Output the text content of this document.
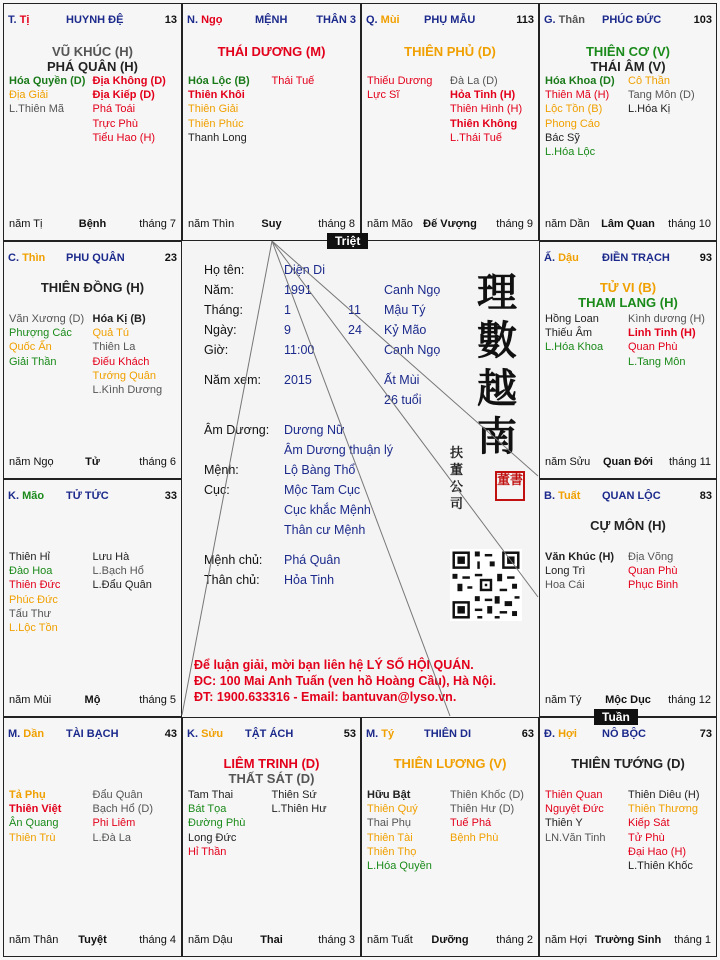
T. Tị	HUYNH ĐỆ	13
VŨ KHÚC (H)
PHÁ QUÂN (H)
Hóa Quyền (D)
Địa Giải
L.Thiên Mã
Địa Không (D)
Địa Kiếp (D)
Phá Toái
Trực Phù
Tiểu Hao (H)
năm Tị	Bệnh	tháng 7
N. Ngọ	MỆNH	THÂN 3
THÁI DƯƠNG (M)
Hóa Lộc (B)
Thiên Khôi
Thiên Giải
Thiên Phúc
Thanh Long
Thái Tuế
năm Thìn	Suy	tháng 8
Q. Mùi PHỤ MẪU	113
THIÊN PHỦ (D)
Thiếu Dương
Lực Sĩ
Đà La (D)
Hỏa Tinh (H)
Thiên Hình (H)
Thiên Không
L.Thái Tuế
năm Mão Đế Vượng	tháng 9
G. Thân PHÚC ĐỨC	103
THIÊN CƠ (V)
THÁI ÂM (V)
Hóa Khoa (D)
Thiên Mã (H)
Lộc Tồn (B)
Phong Cáo
Bác Sỹ
L.Hóa Lộc
Cô Thần
Tang Môn (D)
L.Hóa Kị
năm Dần	Lâm Quan	tháng 10
C. Thìn PHU QUÂN	23
THIÊN ĐỒNG (H)
Văn Xương (D)
Phượng Các
Quốc Ấn
Giải Thần
Hóa Kị (B)
Quả Tú
Thiên La
Điếu Khách
Tướng Quân
L.Kình Dương
năm Ngọ	Tử	tháng 6
Ấ. Dậu ĐIỀN TRẠCH	93
TỬ VI (B)
THAM LANG (H)
Hồng Loan
Thiếu Âm
L.Hóa Khoa
Kình dương (H)
Linh Tinh (H)
Quan Phù
L.Tang Môn
năm Sửu	Quan Đới	tháng 11
K. Mão TỬ TỨC	33
Thiên Hỉ
Đào Hoa
Thiên Đức
Phúc Đức
Tấu Thư
L.Lộc Tồn
Lưu Hà
L.Bạch Hổ
L.Đẩu Quân
năm Mùi	Mộ	tháng 5
B. Tuất QUAN LỘC	83
CỰ MÔN (H)
Văn Khúc (H)
Long Trì
Hoa Cái
Địa Võng
Quan Phù
Phục Binh
năm Tý	Mộc Dục	tháng 12
M. Dần TÀI BẠCH	43
Tả Phụ
Thiên Việt
Ân Quang
Thiên Trù
Đẩu Quân
Bạch Hổ (D)
Phi Liêm
L.Đà La
năm Thân	Tuyệt	tháng 4
K. Sửu TẬT ÁCH	53
LIÊM TRINH (D)
THẤT SÁT (D)
Tam Thai
Bát Tọa
Đường Phù
Long Đức
Hỉ Thần
Thiên Sứ
L.Thiên Hư
năm Dậu	Thai	tháng 3
M. Tý	THIÊN DI	63
THIÊN LƯƠNG (V)
Hữu Bật
Thiên Quý
Thai Phụ
Thiên Tài
Thiên Thọ
L.Hóa Quyền
Thiên Khốc (D)
Thiên Hư (D)
Tuế Phá
Bệnh Phù
năm Tuất	Dưỡng	tháng 2
Đ. Hợi NÔ BỘC	73
THIÊN TƯỚNG (D)
Thiên Quan
Nguyệt Đức
Thiên Y
LN.Văn Tinh
Thiên Diêu (H)
Thiên Thương
Kiếp Sát
Tử Phù
Đại Hao (H)
L.Thiên Khốc
năm Hợi Trường Sinh	tháng 1
Họ tên:	Diện Di
Năm:	1991	Canh Ngọ
Tháng:	1	11 Mậu Tý
Ngày:	9	24 Kỷ Mão
Giờ:	11:00	Canh Ngọ
Năm xem: 2015	Ất Mùi
26 tuổi
Âm Dương: Dương Nữ
Âm Dương thuận lý
Mệnh:	Lộ Bàng Thổ
Cục:	Mộc Tam Cục
Cục khắc Mệnh
Thân cư Mệnh
Mệnh chủ: Phá Quân
Thân chủ: Hỏa Tinh
理
數
越
南
扶
董
公
司
董書
Để luận giải, mời bạn liên hệ LÝ SỐ HỘI QUÁN.
ĐC: 100 Mai Anh Tuấn (ven hồ Hoàng Cầu), Hà Nội.
ĐT: 1900.633316 - Email: bantuvan@lyso.vn.
Triệt
Tuần
